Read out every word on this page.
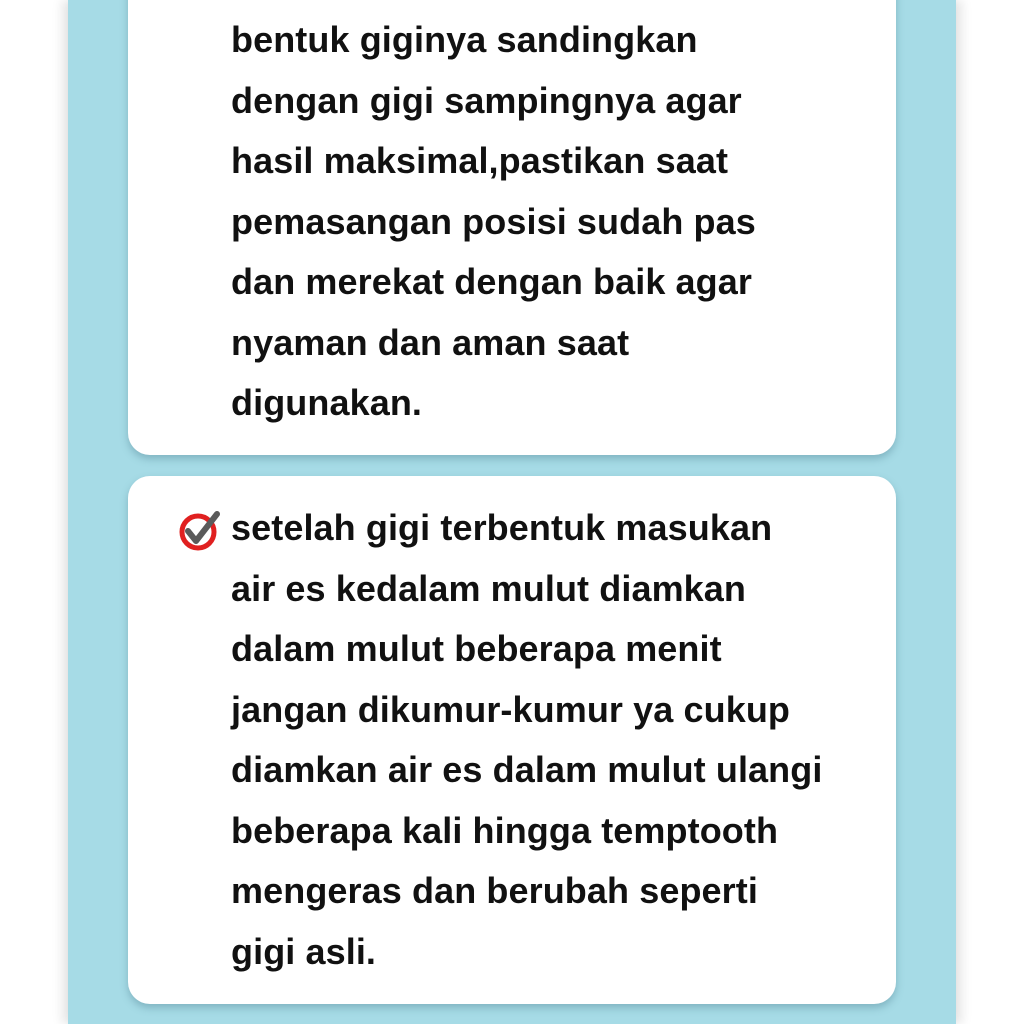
bentuk giginya sandingkan
dengan gigi sampingnya agar
hasil maksimal,pastikan saat
pemasangan posisi sudah pas
dan merekat dengan baik agar
nyaman dan aman saat
digunakan.

setelah gigi terbentuk masukan
air es kedalam mulut diamkan
dalam mulut beberapa menit
jangan dikumur-kumur ya cukup
diamkan air es dalam mulut ulangi
beberapa kali hingga temptooth
mengeras dan berubah seperti
gigi asli.
